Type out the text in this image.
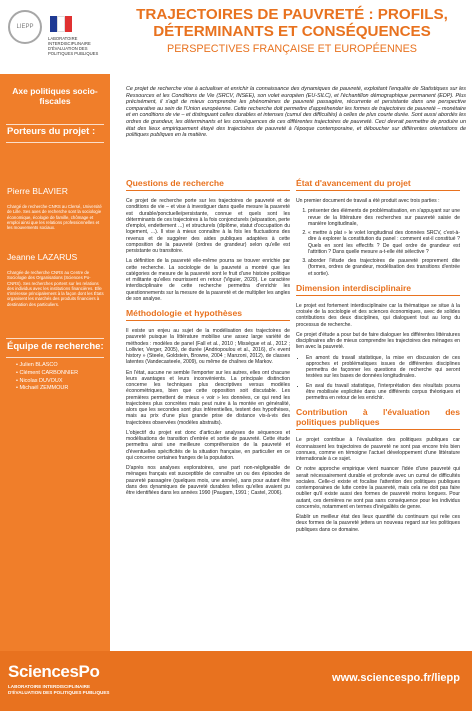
LIEPP
LABORATOIRE INTERDISCIPLINAIRE D'ÉVALUATION DES POLITIQUES PUBLIQUES
Axe politiques socio-fiscales
Porteurs du projet :
Pierre BLAVIER
Chargé de recherche CNRS au Clersé, Université de Lille. Ses axes de recherche sont la sociologie économique, écologie de famille, chômage et emploi ainsi que les relations professionnelles et les mouvements sociaux.
Jeanne LAZARUS
Chargée de recherche CNRS au Centre de Sociologie des Organisations (Sciences Po-CNRS). Ses recherches portent sur les relations des individus avec les institutions financières. Elle s'intéresse principalement à la façon dont les États organisent les marchés des produits financiers à destination des particuliers.
Équipe de recherche:
• Julien BLASCO
• Clément CARBONNIER
• Nicolas DUVOUX
• Michaël ZEMMOUR
TRAJECTOIRES DE PAUVRETÉ : PROFILS, DÉTERMINANTS ET CONSÉQUENCES
PERSPECTIVES FRANÇAISE ET EUROPÉENNES
Ce projet de recherche vise à actualiser et enrichir la connaissance des dynamiques de pauvreté, exploitant l'enquête de Statistiques sur les Ressources et les Conditions de Vie (SRCV, INSEE), son volet européen (EU-SILC), et l'échantillon démographique permanent (EDP). Plus précisément, il s'agit de mieux comprendre les phénomènes de pauvreté passagère, récurrente et persistante dans une perspective comparative au sein de l'Union européenne. Cette recherche doit permettre d'appréhender les formes de trajectoires de pauvreté – monétaire et en conditions de vie – et distinguant celles durables et intenses (cumul des difficultés) à celles de plus courte durée. Sont aussi abordés les ordres de grandeur, les déterminants et les conséquences de ces différentes trajectoires de pauvreté. Ceci devrait permettre de produire un état des lieux empiriquement étayé des trajectoires de pauvreté à l'époque contemporaine, et déboucher sur différentes orientations de politiques publiques en la matière.
Questions de recherche

Ce projet de recherche porte sur les trajectoires de pauvreté et de conditions de vie – et vise à investiguer dans quelle mesure la pauvreté est durable/ponctuelle/persistante, connue et quels sont les déterminants de ces trajectoires à la fois conjoncturels (séparation, perte d'emploi, endettement ...) et structurels (diplôme, statut d'occupation du logement, ...). Il vise à mieux connaître à la fois les fluctuations des revenus et de suggérer des aides publiques adaptées à cette composition de la pauvreté (ordres de grandeur) selon qu'elle est persistante ou transitoire.

La définition de la pauvreté elle-même pourra se trouver enrichie par cette recherche. La sociologie de la pauvreté a montré que les catégories de mesure de la pauvreté sont le fruit d'une histoire politique et militante qu'elles nourrissent en retour (Viguier, 2020). Le caractère interdisciplinaire de cette recherche permettra d'enrichir les questionnements sur la mesure de la pauvreté et de multiplier les angles de son analyse.

Méthodologie et hypothèses

Il existe un enjeu au sujet de la modélisation des trajectoires de pauvreté puisque la littérature mobilise une assez large variété de méthodes : modèles de panel (Fall et al., 2010 ; Missègue et al., 2012 ; Lollivier, Verger, 2005), de durée (Andriopoulou et al., 2016), d'« event history » (Steele, Goldstein, Browne, 2004 ; Manzoni, 2012), de classes latentes (Vandecasteele, 2009), ou même de chaînes de Markov.

En l'état, aucune ne semble l'emporter sur les autres, elles ont chacune leurs avantages et leurs inconvénients. La principale distinction concerne les techniques plus descriptives versus modèles économétriques, bien que cette opposition soit discutable. Les premières permettent de mieux « voir » les données, ce qui rend les trajectoires plus concrètes mais peut nuire à la montée en généralité, alors que les secondes sont plus inférentielles, testent des hypothèses, mais au prix d'une plus grande prise de distance vis-à-vis des trajectoires observées (modèles abstraits).

L'objectif du projet est donc d'articuler analyses de séquences et modélisations de transition d'entrée et sortie de pauvreté. Cette étude permettra ainsi une meilleure compréhension de la pauvreté et d'éventuelles spécificités de la situation française, en particulier en ce qui concerne certaines franges de la population.

D'après nos analyses exploratoires, une part non-négligeable de ménages français est susceptible de connaître un ou des épisodes de pauvreté passagère (quelques mois, une année), sans pour autant être dans des dynamiques de pauvreté durables telles qu'elles avaient pu être identifiées dans les années 1990 (Paugam, 1991 ; Castel, 2006).

État d'avancement du projet

Un premier document de travail a été produit avec trois parties :

1. présenter des éléments de problématisation, en s'appuyant sur une revue de la littérature des recherches sur pauvreté saisie de manière longitudinale,
2. « mettre à plat » le volet longitudinal des données SRCV, c'est-à-dire à explorer la constitution du panel : comment est-il constitué ? Quels en sont les effectifs ? De quel ordre de grandeur est l'attrition ? Dans quelle mesure a-t-elle été sélective ?
3. aborder l'étude des trajectoires de pauvreté proprement dite (formes, ordres de grandeur, modélisation des transitions d'entrée et sortie).
Dimension interdisciplinaire

Le projet est fortement interdisciplinaire car la thématique se situe à la croisée de la sociologie et des sciences économiques, avec de solides contributions des deux disciplines, qui dialoguent tout au long du processus de recherche.

Ce projet d'étude a pour but de faire dialoguer les différentes littératures disciplinaires afin de mieux comprendre les trajectoires des ménages en lien avec la pauvreté.

• En amont du travail statistique, la mise en discussion de ces approches et problématiques issues de différentes disciplines permettra de façonner les questions de recherche qui seront testées sur les bases de données longitudinales.
• En aval du travail statistique, l'interprétation des résultats pourra être mobilisée explicitée dans une différents corpus théoriques et permettra en retour de les enrichir.
Contribution à l'évaluation des politiques publiques

Le projet contribue à l'évaluation des politiques publiques car éconnaissent les trajectoires de pauvreté ne sont pas encore très bien connues, comme en témoigne l'actuel développement d'une littérature internationale à ce sujet.

Or notre approche empirique vient nuancer l'idée d'une pauvreté qui serait nécessairement durable et profonde avec un cumul de difficultés sociales. Celle-ci existe et focalise l'attention des politiques publiques contemporaines de lutte contre la pauvreté, mais cela ne doit pas faire oublier qu'il existe aussi des formes de pauvreté moins longues. Pour autant, ces dernières ne sont pas sans conséquence pour les individus concernés, notamment en termes d'inégalités de genre.

Établir un meilleur état des lieux quantifié du continuum qui relie ces deux formes de la pauvreté jettera un nouveau regard sur les politiques publiques dans ce domaine.

SciencesPo
LABORATOIRE INTERDISCIPLINAIRE
D'ÉVALUATION DES POLITIQUES PUBLIQUES
www.sciencespo.fr/liepp
